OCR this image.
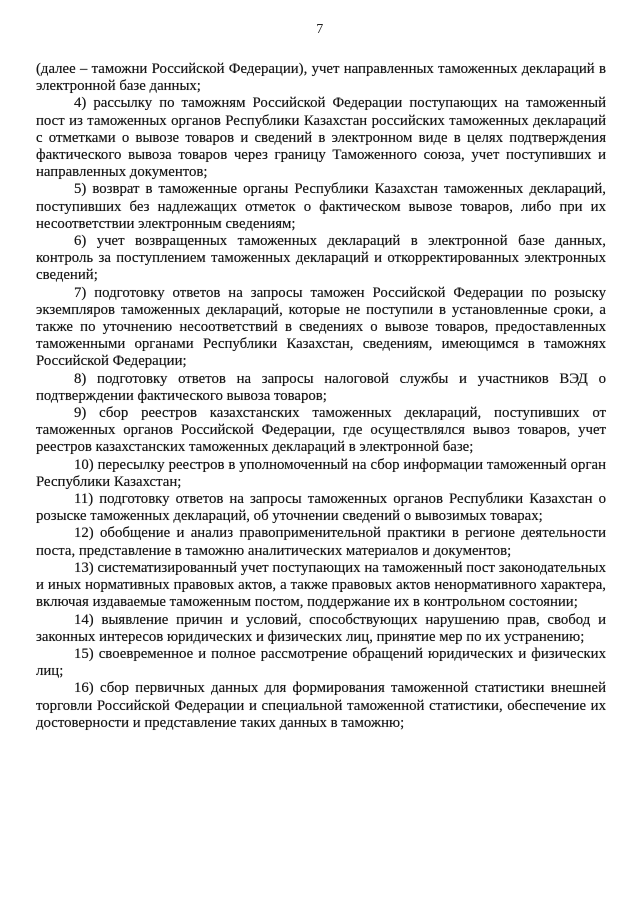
7

(далее – таможни Российской Федерации), учет направленных таможенных деклараций в электронной базе данных;

4) рассылку по таможням Российской Федерации поступающих на таможенный пост из таможенных органов Республики Казахстан российских таможенных деклараций с отметками о вывозе товаров и сведений в электронном виде в целях подтверждения фактического вывоза товаров через границу Таможенного союза, учет поступивших и направленных документов;

5) возврат в таможенные органы Республики Казахстан таможенных деклараций, поступивших без надлежащих отметок о фактическом вывозе товаров, либо при их несоответствии электронным сведениям;

6) учет возвращенных таможенных деклараций в электронной базе данных, контроль за поступлением таможенных деклараций и откорректированных электронных сведений;

7) подготовку ответов на запросы таможен Российской Федерации по розыску экземпляров таможенных деклараций, которые не поступили в установленные сроки, а также по уточнению несоответствий в сведениях о вывозе товаров, предоставленных таможенными органами Республики Казахстан, сведениям, имеющимся в таможнях Российской Федерации;

8) подготовку ответов на запросы налоговой службы и участников ВЭД о подтверждении фактического вывоза товаров;

9) сбор реестров казахстанских таможенных деклараций, поступивших от таможенных органов Российской Федерации, где осуществлялся вывоз товаров, учет реестров казахстанских таможенных деклараций в электронной базе;

10) пересылку реестров в уполномоченный на сбор информации таможенный орган Республики Казахстан;

11) подготовку ответов на запросы таможенных органов Республики Казахстан о розыске таможенных деклараций, об уточнении сведений о вывозимых товарах;

12) обобщение и анализ правоприменительной практики в регионе деятельности поста, представление в таможню аналитических материалов и документов;

13) систематизированный учет поступающих на таможенный пост законодательных и иных нормативных правовых актов, а также правовых актов ненормативного характера, включая издаваемые таможенным постом, поддержание их в контрольном состоянии;

14) выявление причин и условий, способствующих нарушению прав, свобод и законных интересов юридических и физических лиц, принятие мер по их устранению;

15) своевременное и полное рассмотрение обращений юридических и физических лиц;

16) сбор первичных данных для формирования таможенной статистики внешней торговли Российской Федерации и специальной таможенной статистики, обеспечение их достоверности и представление таких данных в таможню;
